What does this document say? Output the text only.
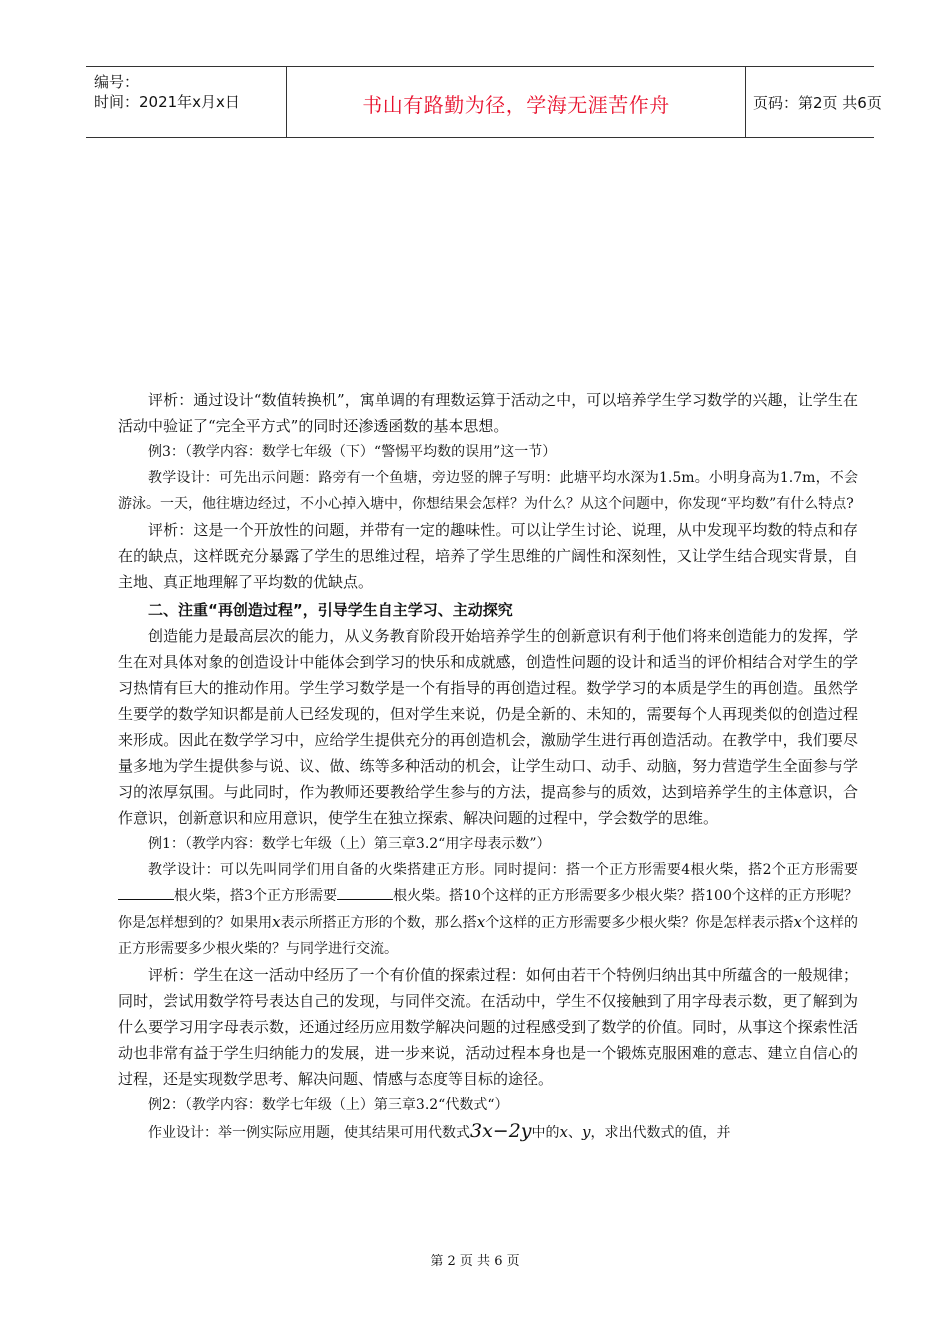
编号：
时间：2021年x月x日	书山有路勤为径，学海无涯苦作舟	页码：第2页 共6页

评析：通过设计“数值转换机”，寓单调的有理数运算于活动之中，可以培养学生学习数学的兴趣，让学生在活动中验证了“完全平方式”的同时还渗透函数的基本思想。

例3：（教学内容：数学七年级（下）“警惕平均数的误用”这一节）

教学设计：可先出示问题：路旁有一个鱼塘，旁边竖的牌子写明：此塘平均水深为1.5m。小明身高为1.7m，不会游泳。一天，他往塘边经过，不小心掉入塘中，你想结果会怎样？为什么？从这个问题中，你发现“平均数”有什么特点?

评析：这是一个开放性的问题，并带有一定的趣味性。可以让学生讨论、说理，从中发现平均数的特点和存在的缺点，这样既充分暴露了学生的思维过程，培养了学生思维的广阔性和深刻性，又让学生结合现实背景，自主地、真正地理解了平均数的优缺点。

二、注重“再创造过程”，引导学生自主学习、主动探究

创造能力是最高层次的能力，从义务教育阶段开始培养学生的创新意识有利于他们将来创造能力的发挥，学生在对具体对象的创造设计中能体会到学习的快乐和成就感，创造性问题的设计和适当的评价相结合对学生的学习热情有巨大的推动作用。学生学习数学是一个有指导的再创造过程。数学学习的本质是学生的再创造。虽然学生要学的数学知识都是前人已经发现的，但对学生来说，仍是全新的、未知的，需要每个人再现类似的创造过程来形成。因此在数学学习中，应给学生提供充分的再创造机会，激励学生进行再创造活动。在教学中，我们要尽量多地为学生提供参与说、议、做、练等多种活动的机会，让学生动口、动手、动脑，努力营造学生全面参与学习的浓厚氛围。与此同时，作为教师还要教给学生参与的方法，提高参与的质效，达到培养学生的主体意识，合作意识，创新意识和应用意识，使学生在独立探索、解决问题的过程中，学会数学的思维。

例1：（教学内容：数学七年级（上）第三章3.2“用字母表示数”）

教学设计：可以先叫同学们用自备的火柴搭建正方形。同时提问：搭一个正方形需要4根火柴，搭2个正方形需要根火柴，搭3个正方形需要	根火柴。搭10个这样的正方形需要多少根火柴？搭100个这样的正方形呢？你是怎样想到的？如果用x表示所搭正方形的个数，那么搭x个这样的正方形需要多少根火柴？你是怎样表示搭x个这样的正方形需要多少根火柴的？与同学进行交流。

评析：学生在这一活动中经历了一个有价值的探索过程：如何由若干个特例归纳出其中所蕴含的一般规律；同时，尝试用数学符号表达自己的发现，与同伴交流。在活动中，学生不仅接触到了用字母表示数，更了解到为什么要学习用字母表示数，还通过经历应用数学解决问题的过程感受到了数学的价值。同时，从事这个探索性活动也非常有益于学生归纳能力的发展，进一步来说，活动过程本身也是一个锻炼克服困难的意志、建立自信心的过程，还是实现数学思考、解决问题、情感与态度等目标的途径。

例2：（教学内容：数学七年级（上）第三章3.2“代数式“）

作业设计：举一例实际应用题，使其结果可用代数式3x−2y中的x、y，求出代数式的值，并

第 2 页 共 6 页
